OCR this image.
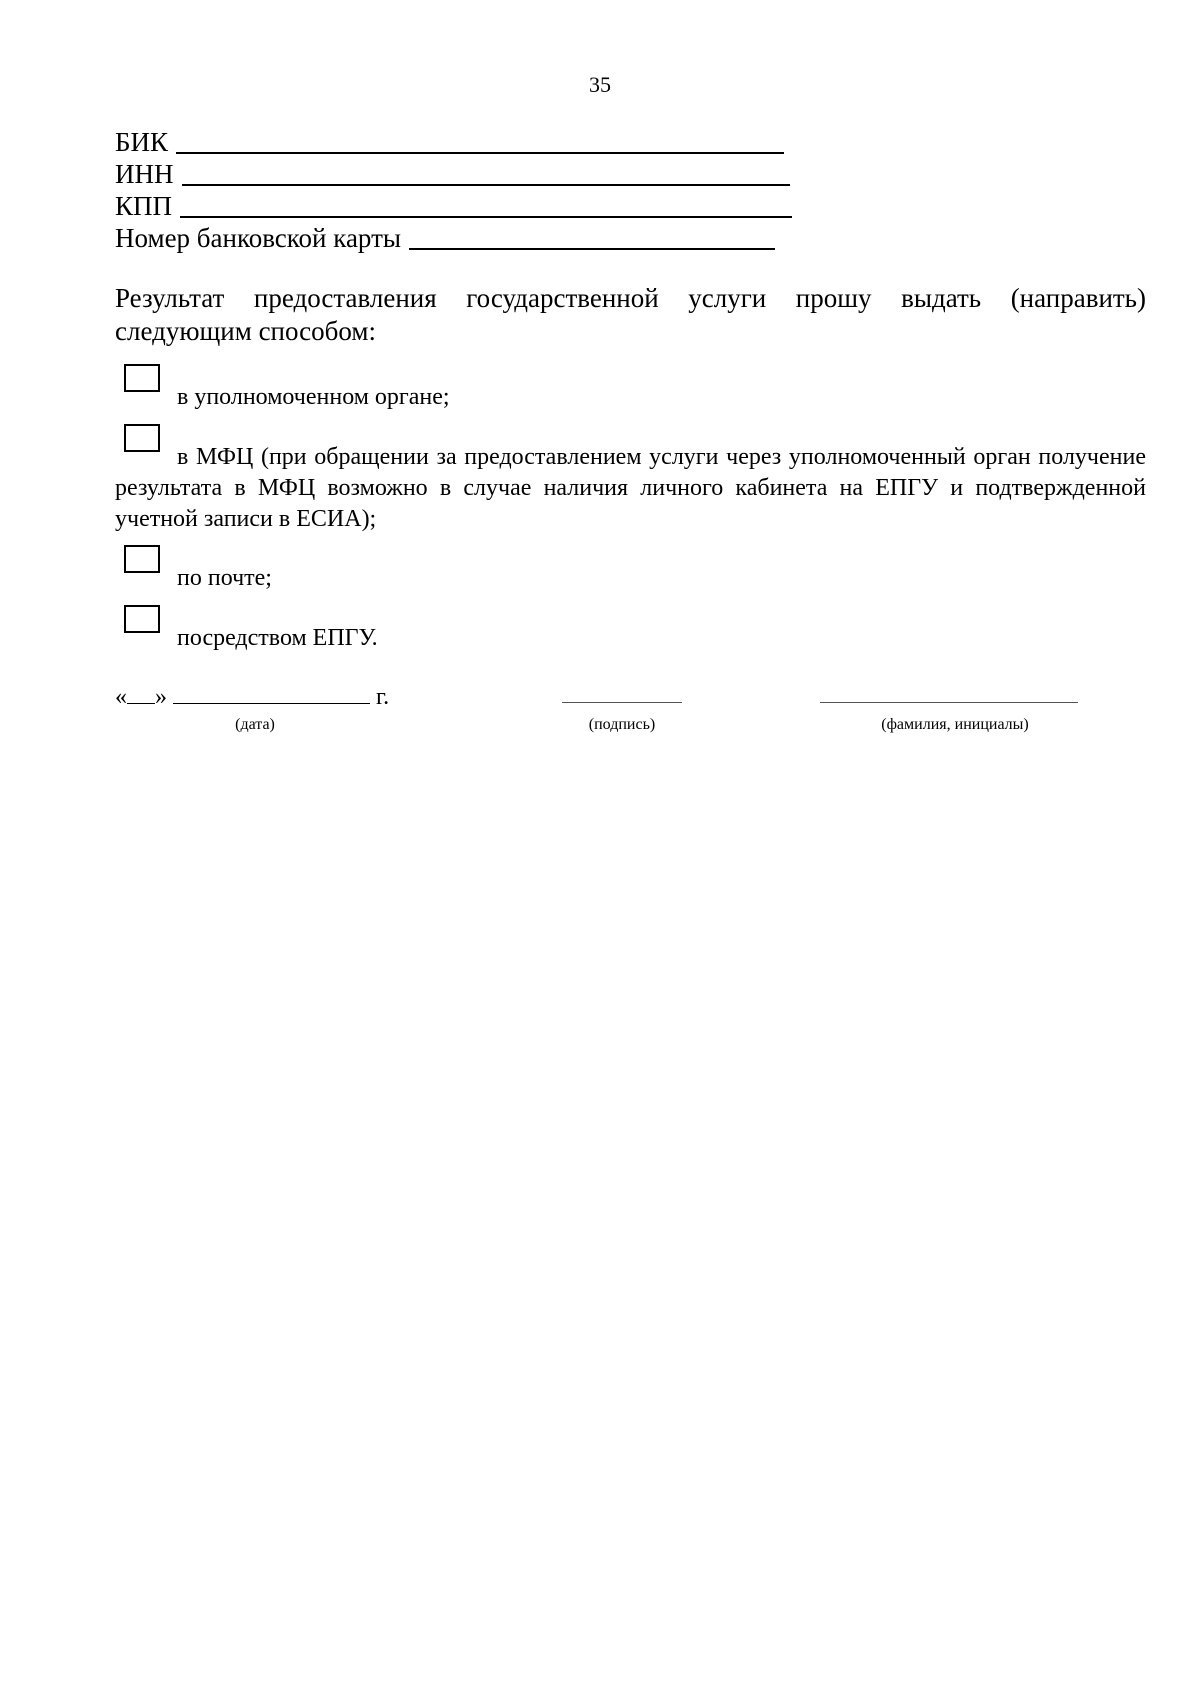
35
БИК
ИНН
КПП
Номер банковской карты
Результат предоставления государственной услуги прошу выдать (направить) следующим способом:
в уполномоченном органе;
в МФЦ (при обращении за предоставлением услуги через уполномоченный орган получение результата в МФЦ возможно в случае наличия личного кабинета на ЕПГУ и подтвержденной учетной записи в ЕСИА);
по почте;
посредством ЕПГУ.
« »	г.
(дата)	(подпись)	(фамилия, инициалы)
